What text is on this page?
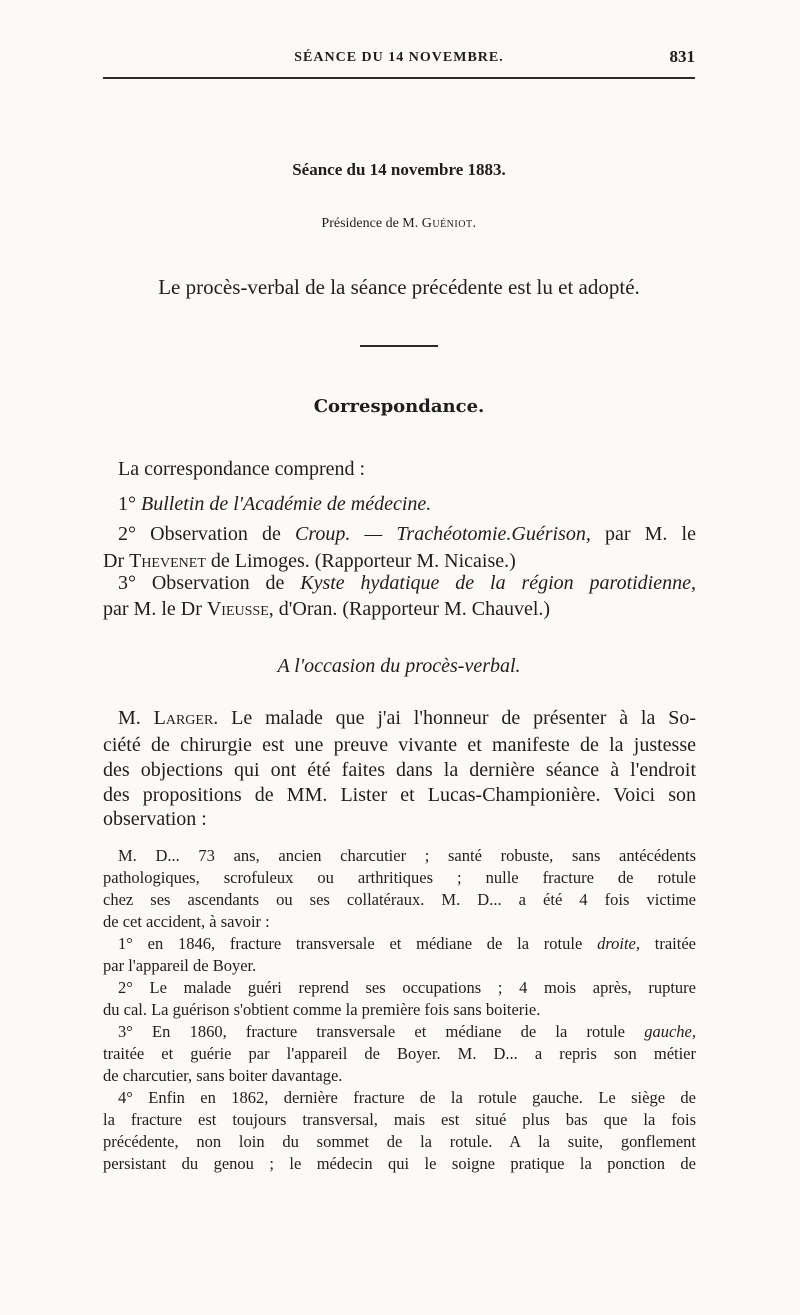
SÉANCE DU 14 NOVEMBRE.	831
Séance du 14 novembre 1883.
Présidence de M. Guéniot.
Le procès-verbal de la séance précédente est lu et adopté.
Correspondance.
La correspondance comprend :
1° Bulletin de l'Académie de médecine.
2° Observation de Croup. — Trachéotomie.Guérison, par M. le
Dr Thevenet de Limoges. (Rapporteur M. Nicaise.)
3° Observation de Kyste hydatique de la région parotidienne,
par M. le Dr Vieusse, d'Oran. (Rapporteur M. Chauvel.)
A l'occasion du procès-verbal.
M. Larger. Le malade que j'ai l'honneur de présenter à la So-
ciété de chirurgie est une preuve vivante et manifeste de la justesse
des objections qui ont été faites dans la dernière séance à l'endroit
des propositions de MM. Lister et Lucas-Championière. Voici son
observation :
M. D... 73 ans, ancien charcutier ; santé robuste, sans antécédents
pathologiques, scrofuleux ou arthritiques ; nulle fracture de rotule
chez ses ascendants ou ses collatéraux. M. D... a été 4 fois victime
de cet accident, à savoir :
1° en 1846, fracture transversale et médiane de la rotule droite, traitée
par l'appareil de Boyer.
2° Le malade guéri reprend ses occupations ; 4 mois après, rupture
du cal. La guérison s'obtient comme la première fois sans boiterie.
3° En 1860, fracture transversale et médiane de la rotule gauche,
traitée et guérie par l'appareil de Boyer. M. D... a repris son métier
de charcutier, sans boiter davantage.
4° Enfin en 1862, dernière fracture de la rotule gauche. Le siège de
la fracture est toujours transversal, mais est situé plus bas que la fois
précédente, non loin du sommet de la rotule. A la suite, gonflement
persistant du genou ; le médecin qui le soigne pratique la ponction de
